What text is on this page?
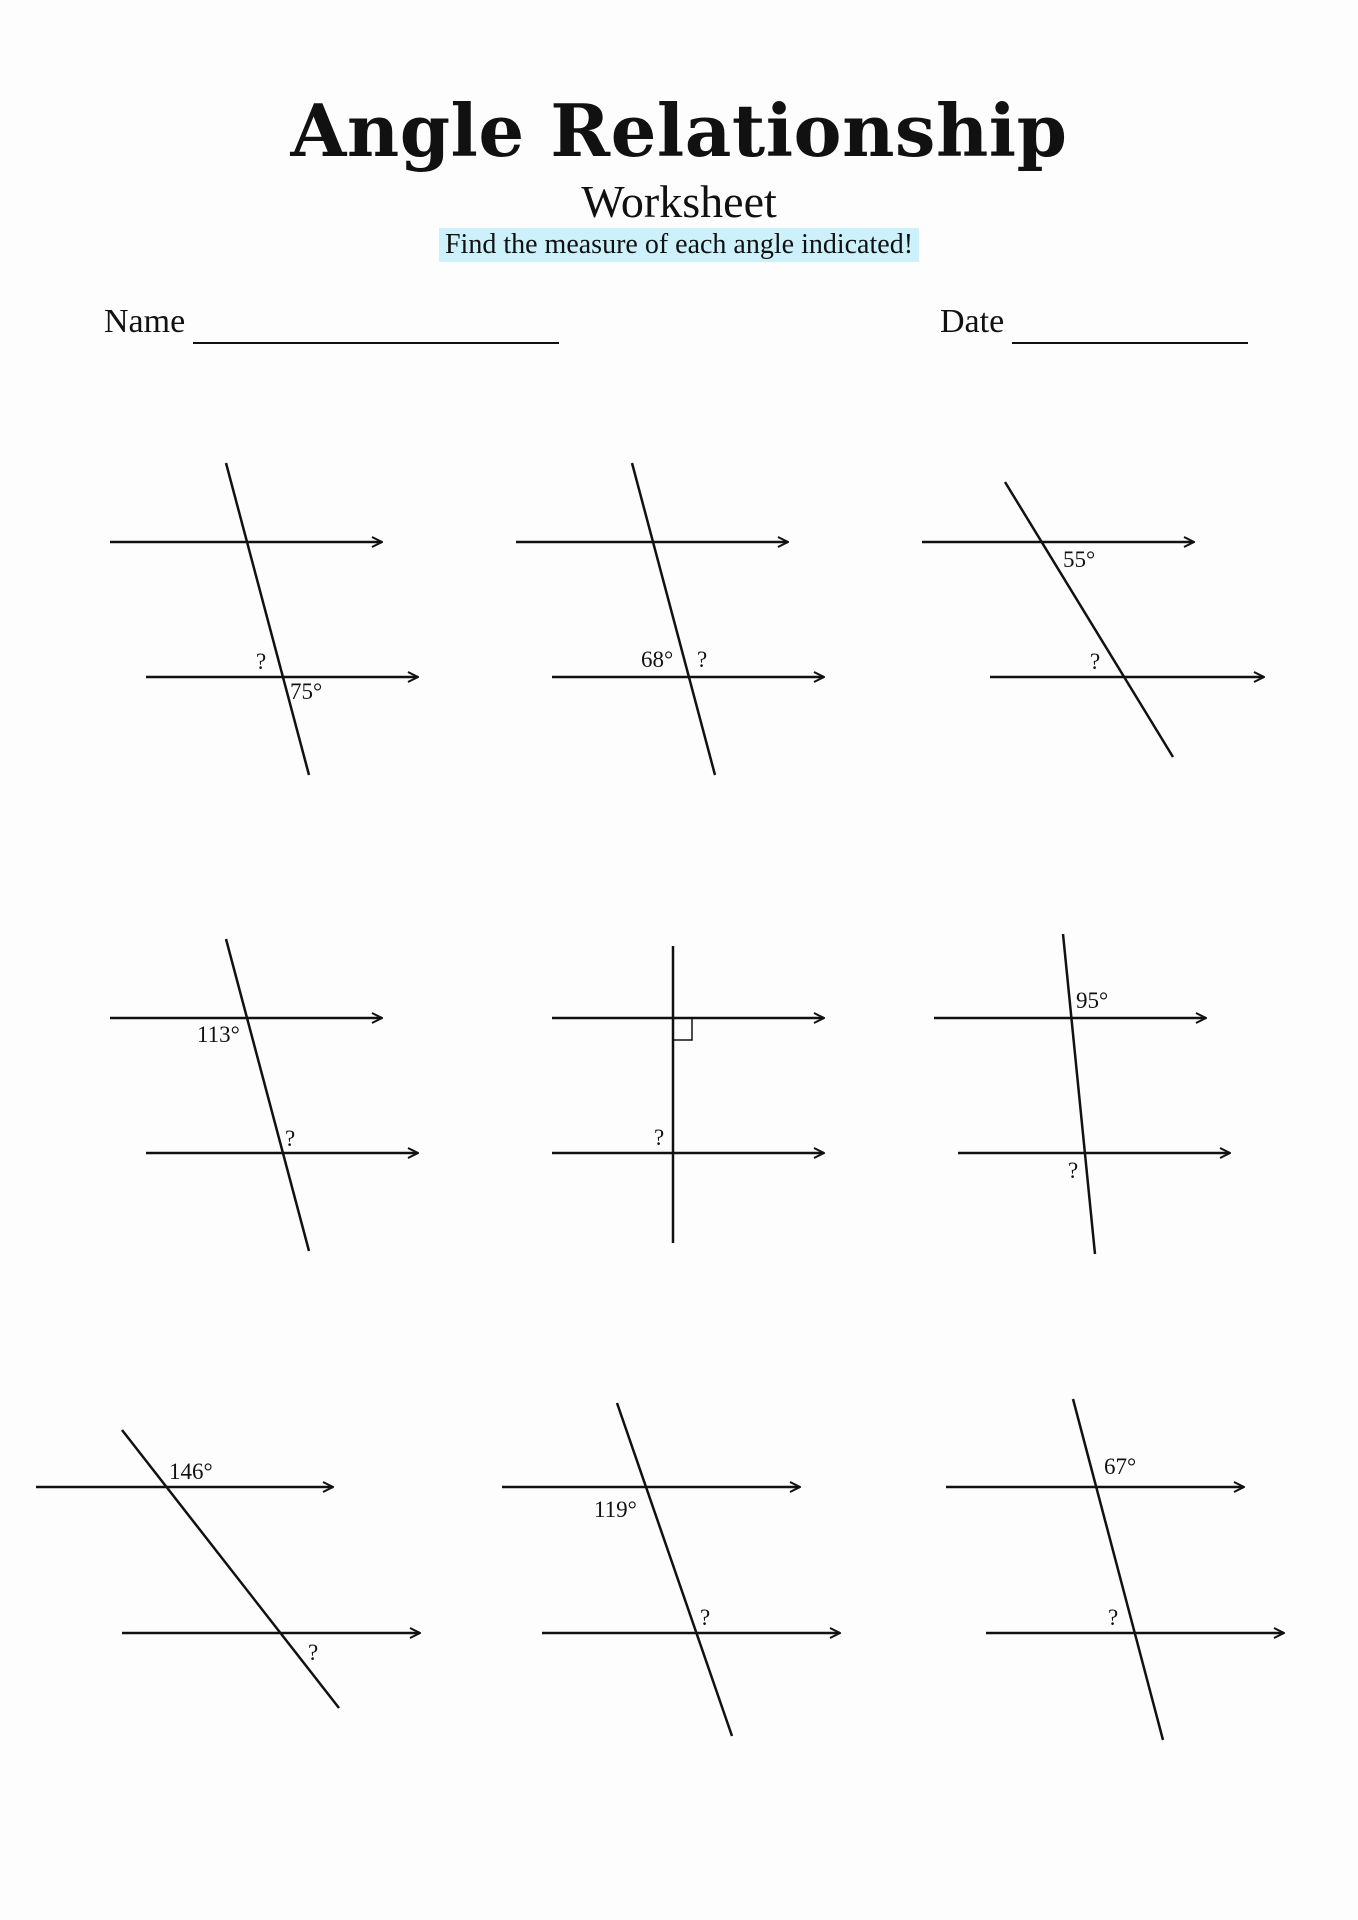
Angle Relationship
Worksheet
Find the measure of each angle indicated!
Name	Date
?
75°
68° ?
55°
?
113°
?	?
95°
?
146°
?
119°
?
67°
?
